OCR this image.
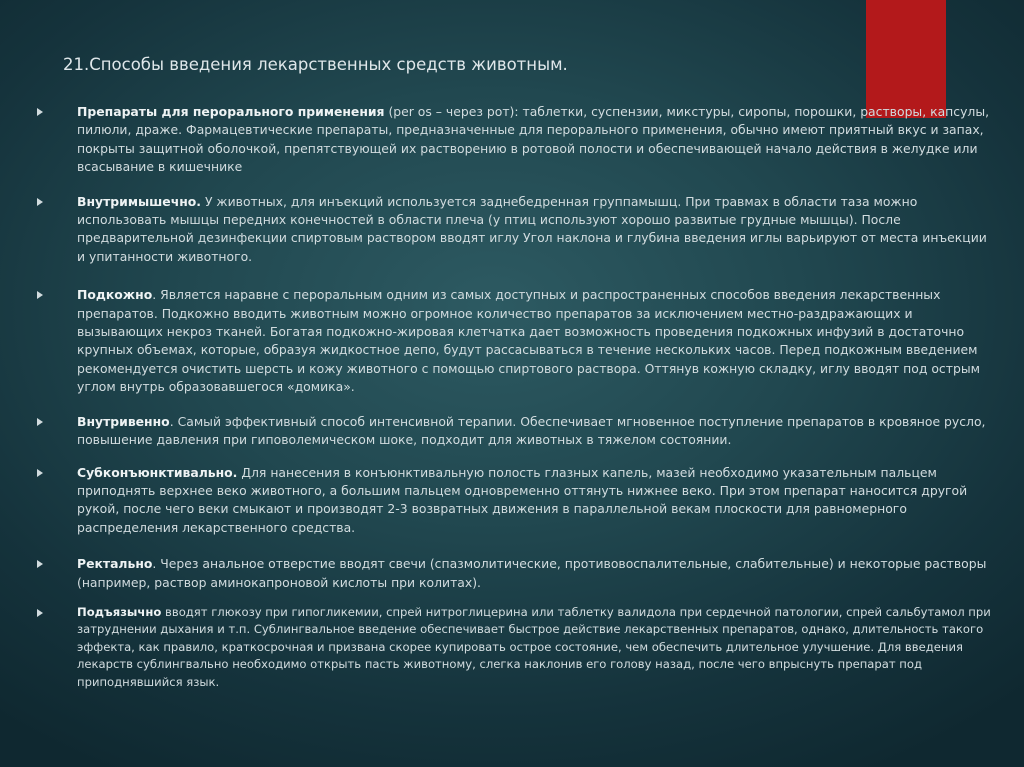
21.Способы введения лекарственных средств животным.
Препараты для перорального применения (per os – через рот): таблетки, суспензии, микстуры, сиропы, порошки, растворы, капсулы, пилюли, драже. Фармацевтические препараты, предназначенные для перорального применения, обычно имеют приятный вкус и запах, покрыты защитной оболочкой, препятствующей их растворению в ротовой полости и обеспечивающей начало действия в желудке или всасывание в кишечнике
Внутримышечно. У животных, для инъекций используется заднебедренная группамышц. При травмах в области таза можно использовать мышцы передних конечностей в области плеча (у птиц используют хорошо развитые грудные мышцы). После предварительной дезинфекции спиртовым раствором вводят иглу Угол наклона и глубина введения иглы варьируют от места инъекции и упитанности животного.
Подкожно. Является наравне с пероральным одним из самых доступных и распространенных способов введения лекарственных препаратов. Подкожно вводить животным можно огромное количество препаратов за исключением местно-раздражающих и вызывающих некроз тканей. Богатая подкожно-жировая клетчатка дает возможность проведения подкожных инфузий в достаточно крупных объемах, которые, образуя жидкостное депо, будут рассасываться в течение нескольких часов. Перед подкожным введением рекомендуется очистить шерсть и кожу животного с помощью спиртового раствора. Оттянув кожную складку, иглу вводят под острым углом внутрь образовавшегося «домика».
Внутривенно. Самый эффективный способ интенсивной терапии. Обеспечивает мгновенное поступление препаратов в кровяное русло, повышение давления при гиповолемическом шоке, подходит для животных в тяжелом состоянии.
Субконъюнктивально. Для нанесения в конъюнктивальную полость глазных капель, мазей необходимо указательным пальцем приподнять верхнее веко животного, а большим пальцем одновременно оттянуть нижнее веко. При этом препарат наносится другой рукой, после чего веки смыкают и производят 2-3 возвратных движения в параллельной векам плоскости для равномерного распределения лекарственного средства.
Ректально. Через анальное отверстие вводят свечи (спазмолитические, противовоспалительные, слабительные) и некоторые растворы (например, раствор аминокапроновой кислоты при колитах).
Подъязычно вводят глюкозу при гипогликемии, спрей нитроглицерина или таблетку валидола при сердечной патологии, спрей сальбутамол при затруднении дыхания и т.п. Сублингвальное введение обеспечивает быстрое действие лекарственных препаратов, однако, длительность такого эффекта, как правило, краткосрочная и призвана скорее купировать острое состояние, чем обеспечить длительное улучшение. Для введения лекарств сублингвально необходимо открыть пасть животному, слегка наклонив его голову назад, после чего впрыснуть препарат под приподнявшийся язык.
